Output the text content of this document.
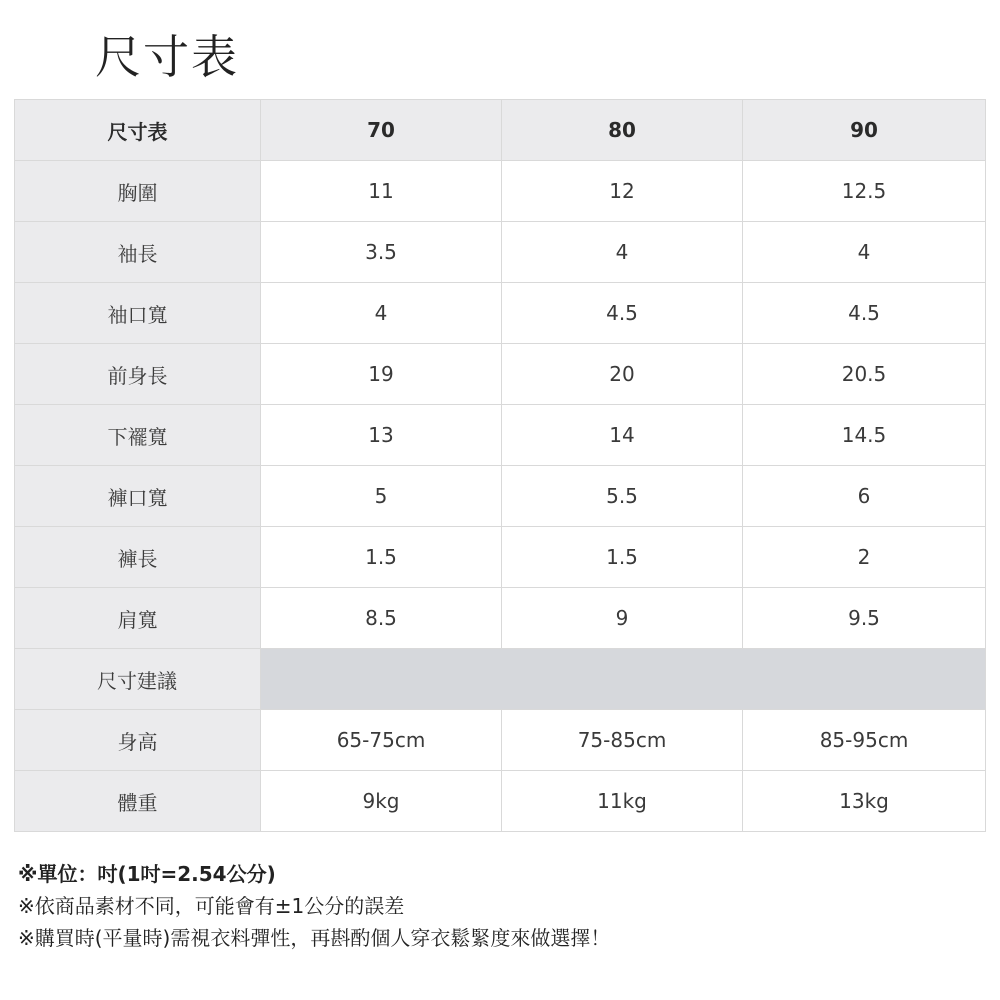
尺寸表
尺寸表	70	80	90
胸圍	11	12	12.5
袖長	3.5	4	4
袖口寬	4	4.5	4.5
前身長	19	20	20.5
下襬寬	13	14	14.5
褲口寬	5	5.5	6
褲長	1.5	1.5	2
肩寬	8.5	9	9.5
尺寸建議			
身高	65-75cm	75-85cm	85-95cm
體重	9kg	11kg	13kg
※單位：吋(1吋=2.54公分)
※依商品素材不同，可能會有±1公分的誤差
※購買時(平量時)需視衣料彈性，再斟酌個人穿衣鬆緊度來做選擇！
